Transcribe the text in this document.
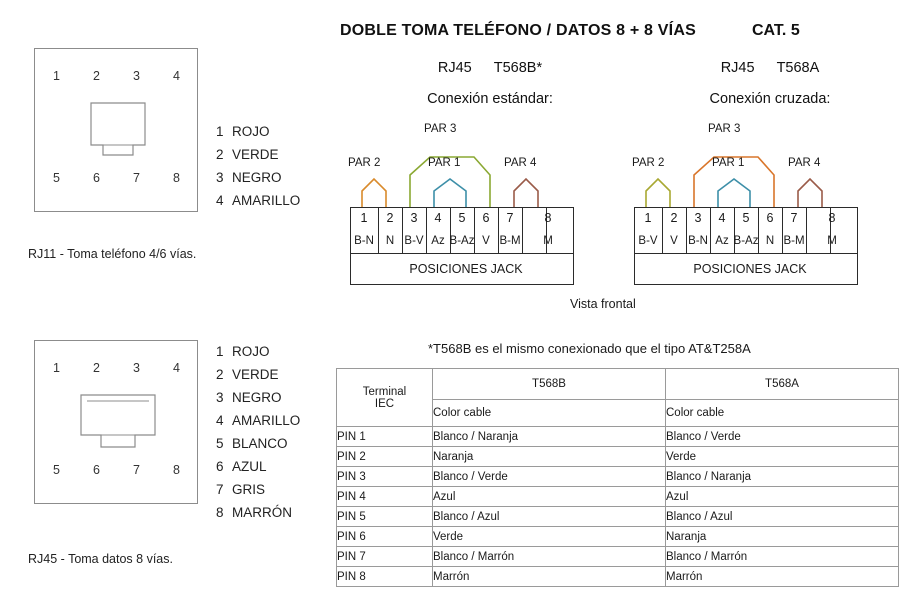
DOBLE TOMA TELÉFONO / DATOS 8 + 8 VÍAS	CAT. 5
1	2	3	4
5	6	7	8
RJ11 - Toma teléfono 4/6 vías.
1 ROJO
2 VERDE
3 NEGRO
4 AMARILLO
1	2	3	4
5	6	7	8
RJ45 - Toma datos 8 vías.
1 ROJO
2 VERDE
3 NEGRO
4 AMARILLO
5 BLANCO
6 AZUL
7 GRIS
8 MARRÓN
RJ45 T568B*
Conexión estándar:
PAR 2
PAR 3
PAR 1	PAR 4
1	2	3	4	5	6	7	8
B-N	N B-V Az B-Az V B-M	M
POSICIONES JACK
RJ45 T568A
Conexión cruzada:
PAR 2
PAR 3
PAR 1	PAR 4
1	2	3	4	5	6	7	8
B-V	V B-N Az B-Az N B-M	M
POSICIONES JACK
Vista frontal
*T568B es el mismo conexionado que el tipo AT&T258A
Terminal
IEC	T568B	T568A
	Color cable	Color cable
PIN 1	Blanco / Naranja	Blanco / Verde
PIN 2	Naranja	Verde
PIN 3	Blanco / Verde	Blanco / Naranja
PIN 4	Azul	Azul
PIN 5	Blanco / Azul	Blanco / Azul
PIN 6	Verde	Naranja
PIN 7	Blanco / Marrón	Blanco / Marrón
PIN 8	Marrón	Marrón
